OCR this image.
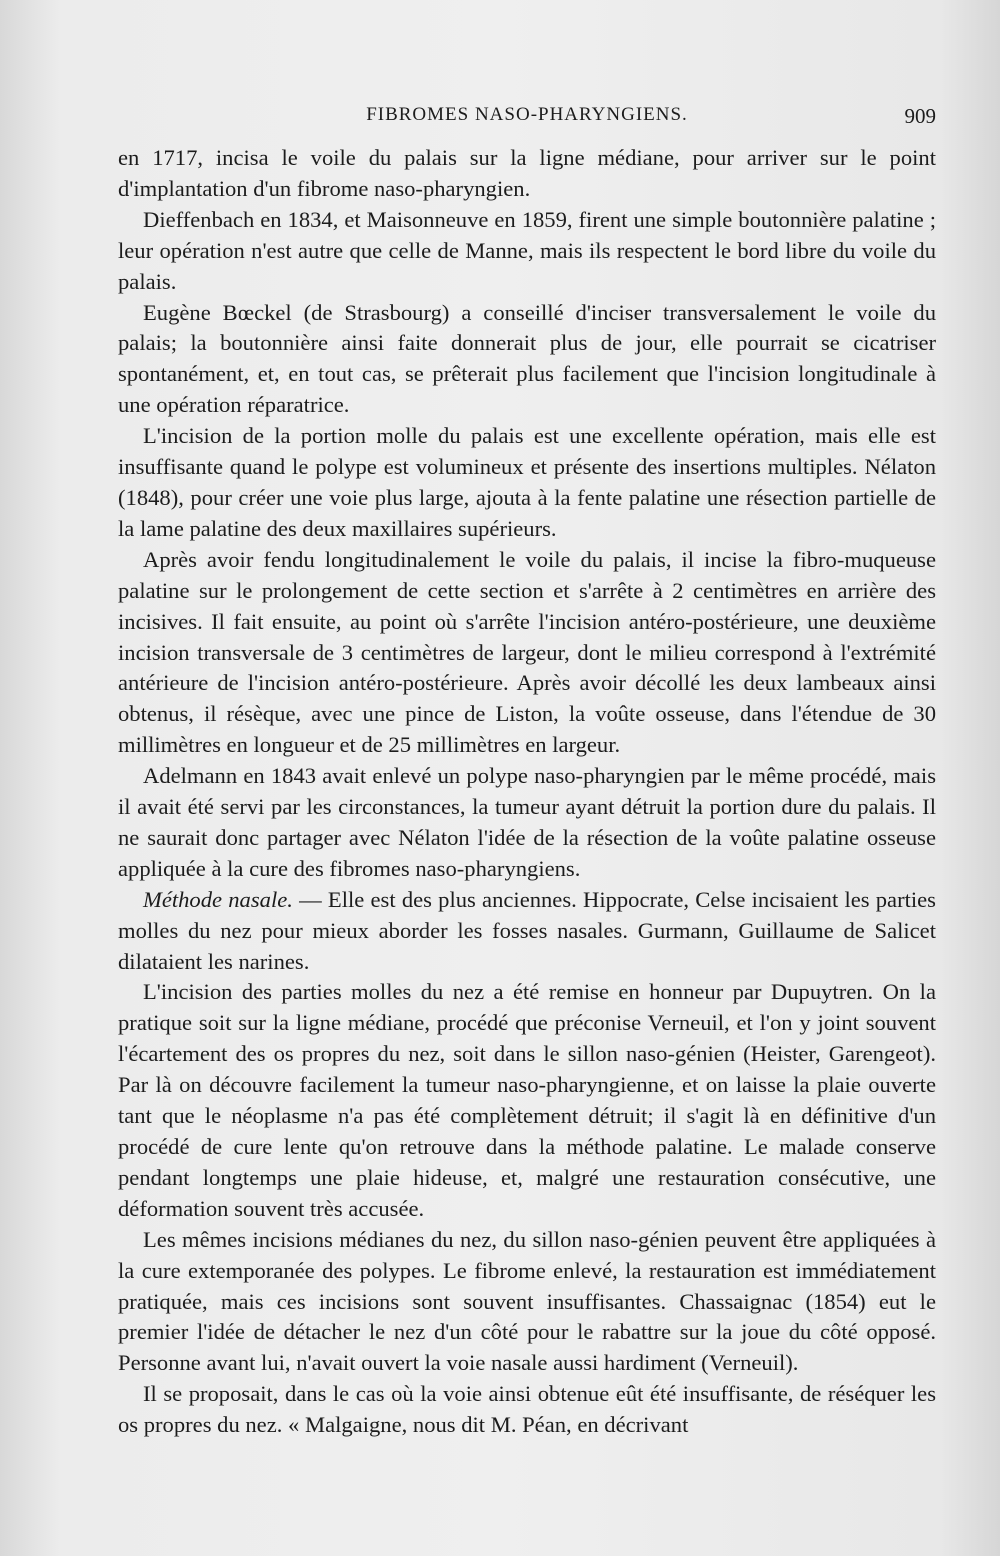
FIBROMES NASO-PHARYNGIENS.	909

en 1717, incisa le voile du palais sur la ligne médiane, pour arriver sur le point d'implantation d'un fibrome naso-pharyngien.

Dieffenbach en 1834, et Maisonneuve en 1859, firent une simple boutonnière palatine ; leur opération n'est autre que celle de Manne, mais ils respectent le bord libre du voile du palais.

Eugène Bœckel (de Strasbourg) a conseillé d'inciser transversalement le voile du palais; la boutonnière ainsi faite donnerait plus de jour, elle pourrait se cicatriser spontanément, et, en tout cas, se prêterait plus facilement que l'incision longitudinale à une opération réparatrice.

L'incision de la portion molle du palais est une excellente opération, mais elle est insuffisante quand le polype est volumineux et présente des insertions multiples. Nélaton (1848), pour créer une voie plus large, ajouta à la fente palatine une résection partielle de la lame palatine des deux maxillaires supérieurs.

Après avoir fendu longitudinalement le voile du palais, il incise la fibro-muqueuse palatine sur le prolongement de cette section et s'arrête à 2 centimètres en arrière des incisives. Il fait ensuite, au point où s'arrête l'incision antéro-postérieure, une deuxième incision transversale de 3 centimètres de largeur, dont le milieu correspond à l'extrémité antérieure de l'incision antéro-postérieure. Après avoir décollé les deux lambeaux ainsi obtenus, il résèque, avec une pince de Liston, la voûte osseuse, dans l'étendue de 30 millimètres en longueur et de 25 millimètres en largeur.

Adelmann en 1843 avait enlevé un polype naso-pharyngien par le même procédé, mais il avait été servi par les circonstances, la tumeur ayant détruit la portion dure du palais. Il ne saurait donc partager avec Nélaton l'idée de la résection de la voûte palatine osseuse appliquée à la cure des fibromes naso-pharyngiens.

Méthode nasale. — Elle est des plus anciennes. Hippocrate, Celse incisaient les parties molles du nez pour mieux aborder les fosses nasales. Gurmann, Guillaume de Salicet dilataient les narines.

L'incision des parties molles du nez a été remise en honneur par Dupuytren. On la pratique soit sur la ligne médiane, procédé que préconise Verneuil, et l'on y joint souvent l'écartement des os propres du nez, soit dans le sillon naso-génien (Heister, Garengeot). Par là on découvre facilement la tumeur naso-pharyngienne, et on laisse la plaie ouverte tant que le néoplasme n'a pas été complètement détruit; il s'agit là en définitive d'un procédé de cure lente qu'on retrouve dans la méthode palatine. Le malade conserve pendant longtemps une plaie hideuse, et, malgré une restauration consécutive, une déformation souvent très accusée.

Les mêmes incisions médianes du nez, du sillon naso-génien peuvent être appliquées à la cure extemporanée des polypes. Le fibrome enlevé, la restauration est immédiatement pratiquée, mais ces incisions sont souvent insuffisantes. Chassaignac (1854) eut le premier l'idée de détacher le nez d'un côté pour le rabattre sur la joue du côté opposé. Personne avant lui, n'avait ouvert la voie nasale aussi hardiment (Verneuil).

Il se proposait, dans le cas où la voie ainsi obtenue eût été insuffisante, de réséquer les os propres du nez. « Malgaigne, nous dit M. Péan, en décrivant
